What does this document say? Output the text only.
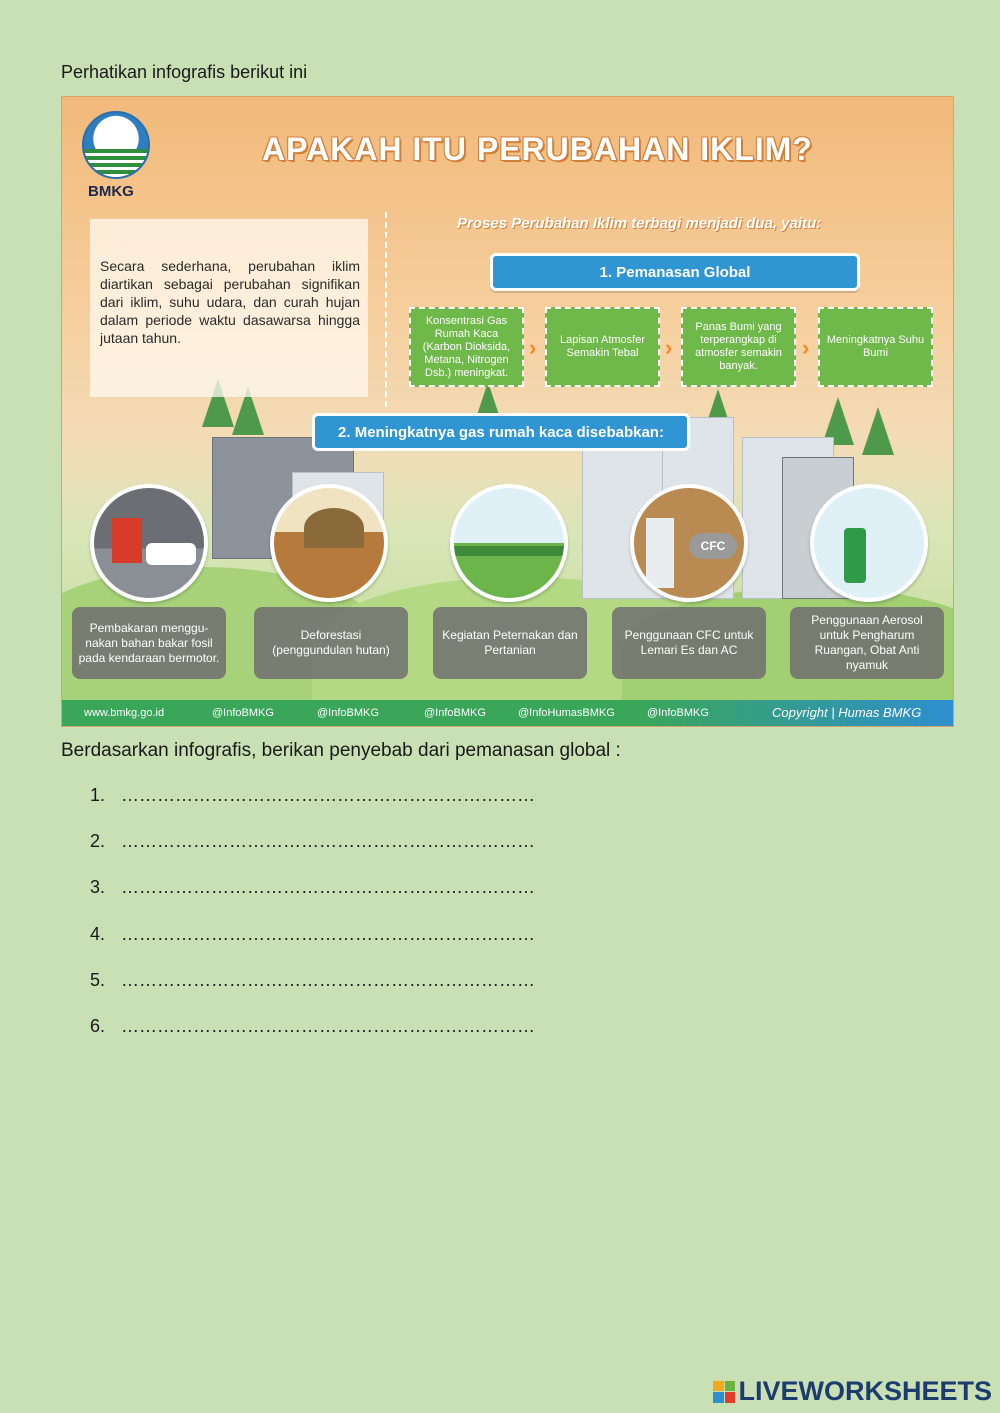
Perhatikan infografis berikut ini
BMKG
APAKAH ITU PERUBAHAN IKLIM?
Secara sederhana, perubahan iklim diartikan sebagai perubahan signifikan dari iklim, suhu udara, dan curah hujan dalam periode waktu dasawarsa hingga jutaan tahun.
Proses Perubahan Iklim terbagi menjadi dua, yaitu:
1. Pemanasan Global
Konsentrasi Gas Rumah Kaca (Karbon Dioksida, Metana, Nitrogen Dsb.) meningkat.
›	Lapisan Atmosfer Semakin Tebal	›
Panas Bumi yang terperangkap di atmosfer semakin banyak.
›	Meningkatnya Suhu Bumi
2. Meningkatnya gas rumah kaca disebabkan:
CFC
Pembakaran menggu-nakan bahan bakar fosil pada kendaraan bermotor.
Deforestasi (penggundulan hutan)
Kegiatan Peternakan dan Pertanian
Penggunaan CFC untuk Lemari Es dan AC
Penggunaan Aerosol untuk Pengharum Ruangan, Obat Anti nyamuk
www.bmkg.go.id	@InfoBMKG	@InfoBMKG	@InfoBMKG	@InfoHumasBMKG	@InfoBMKG	Copyright | Humas BMKG
Berdasarkan infografis, berikan penyebab dari pemanasan global :
1. ……………………………………………………………
2. ……………………………………………………………
3. ……………………………………………………………
4. ……………………………………………………………
5. ……………………………………………………………
6. ……………………………………………………………
LIVEWORKSHEETS
